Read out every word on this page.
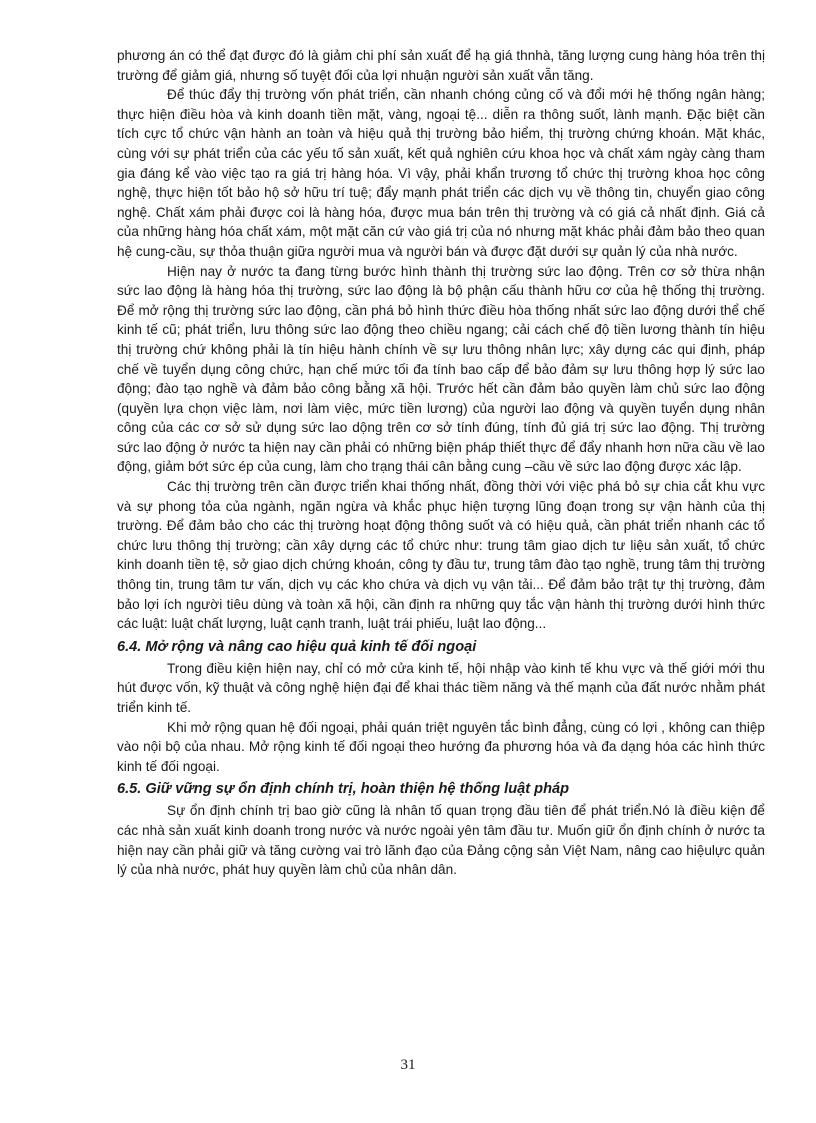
phương án có thể đạt được đó là giảm chi phí sản xuất để hạ giá thnhà, tăng lượng cung hàng hóa trên thị trường để giảm giá, nhưng số tuyệt đối của lợi nhuận người sản xuất vẫn tăng.

Để thúc đẩy thị trường vốn phát triển, cần nhanh chóng củng cố và đổi mới hệ thống ngân hàng; thực hiện điều hòa và kinh doanh tiền mặt, vàng, ngoại tệ... diễn ra thông suốt, lành mạnh. Đặc biệt cần tích cực tổ chức vận hành an toàn và hiệu quả thị trường bảo hiểm, thị trường chứng khoán. Mặt khác, cùng với sự phát triển của các yếu tố sản xuất, kết quả nghiên cứu khoa học và chất xám ngày càng tham gia đáng kể vào việc tạo ra giá trị hàng hóa. Vì vậy, phải khẩn trương tổ chức thị trường khoa học công nghệ, thực hiện tốt bảo hộ sở hữu trí tuệ; đẩy mạnh phát triển các dịch vụ về thông tin, chuyển giao công nghệ. Chất xám phải được coi là hàng hóa, được mua bán trên thị trường và có giá cả nhất định. Giá cả của những hàng hóa chất xám, một mặt căn cứ vào giá trị của nó nhưng mặt khác phải đảm bảo theo quan hệ cung-cầu, sự thỏa thuận giữa người mua và người bán và được đặt dưới sự quản lý của nhà nước.

Hiện nay ở nước ta đang từng bước hình thành thị trường sức lao động. Trên cơ sở thừa nhận sức lao động là hàng hóa thị trường, sức lao động là bộ phận cấu thành hữu cơ của hệ thống thị trường. Để mở rộng thị trường sức lao động, cần phá bỏ hình thức điều hòa thống nhất sức lao động dưới thể chế kinh tế cũ; phát triển, lưu thông sức lao động theo chiều ngang; cải cách chế độ tiền lương thành tín hiệu thị trường chứ không phải là tín hiệu hành chính về sự lưu thông nhân lực; xây dựng các qui định, pháp chế về tuyển dụng công chức, hạn chế mức tối đa tính bao cấp để bảo đảm sự lưu thông hợp lý sức lao động; đào tạo nghề và đảm bảo công bằng xã hội. Trước hết cần đảm bảo quyền làm chủ sức lao động (quyền lựa chọn việc làm, nơi làm việc, mức tiền lương) của người lao động và quyền tuyển dụng nhân công của các cơ sở sử dụng sức lao dộng trên cơ sở tính đúng, tính đủ giá trị sức lao động. Thị trường sức lao động ở nước ta hiện nay cần phải có những biện pháp thiết thực để đẩy nhanh hơn nữa cầu về lao động, giảm bớt sức ép của cung, làm cho trạng thái cân bằng cung –cầu về sức lao động được xác lập.

Các thị trường trên cần được triển khai thống nhất, đồng thời với việc phá bỏ sự chia cắt khu vực và sự phong tỏa của ngành, ngăn ngừa và khắc phục hiện tượng lũng đoạn trong sự vận hành của thị trường. Để đảm bảo cho các thị trường hoạt động thông suốt và có hiệu quả, cần phát triển nhanh các tổ chức lưu thông thị trường; cần xây dựng các tổ chức như: trung tâm giao dịch tư liệu sản xuất, tổ chức kinh doanh tiền tệ, sở giao dịch chứng khoán, công ty đầu tư, trung tâm đào tạo nghề, trung tâm thị trường thông tin, trung tâm tư vấn, dịch vụ các kho chứa và dịch vụ vận tải... Để đảm bảo trật tự thị trường, đảm bảo lợi ích người tiêu dùng và toàn xã hội, cần định ra những quy tắc vận hành thị trường dưới hình thức các luật: luật chất lượng, luật cạnh tranh, luật trái phiếu, luật lao động...

6.4. Mở rộng và nâng cao hiệu quả kinh tế đối ngoại

Trong điều kiện hiện nay, chỉ có mở cửa kinh tế, hội nhập vào kinh tế khu vực và thế giới mới thu hút được vốn, kỹ thuật và công nghệ hiện đại để khai thác tiềm năng và thế mạnh của đất nước nhằm phát triển kinh tế.

Khi mở rộng quan hệ đối ngoại, phải quán triệt nguyên tắc bình đẳng, cùng có lợi , không can thiệp vào nội bộ của nhau. Mở rộng kinh tế đối ngoại theo hướng đa phương hóa và đa dạng hóa các hình thức kinh tế đối ngoại.

6.5. Giữ vững sự ổn định chính trị, hoàn thiện hệ thống luật pháp

Sự ổn định chính trị bao giờ cũng là nhân tố quan trọng đầu tiên để phát triển.Nó là điều kiện để các nhà sản xuất kinh doanh trong nước và nước ngoài yên tâm đầu tư. Muốn giữ ổn định chính ở nước ta hiện nay cần phải giữ và tăng cường vai trò lãnh đạo của Đảng cộng sản Việt Nam, nâng cao hiệulực quản lý của nhà nước, phát huy quyền làm chủ của nhân dân.

31
